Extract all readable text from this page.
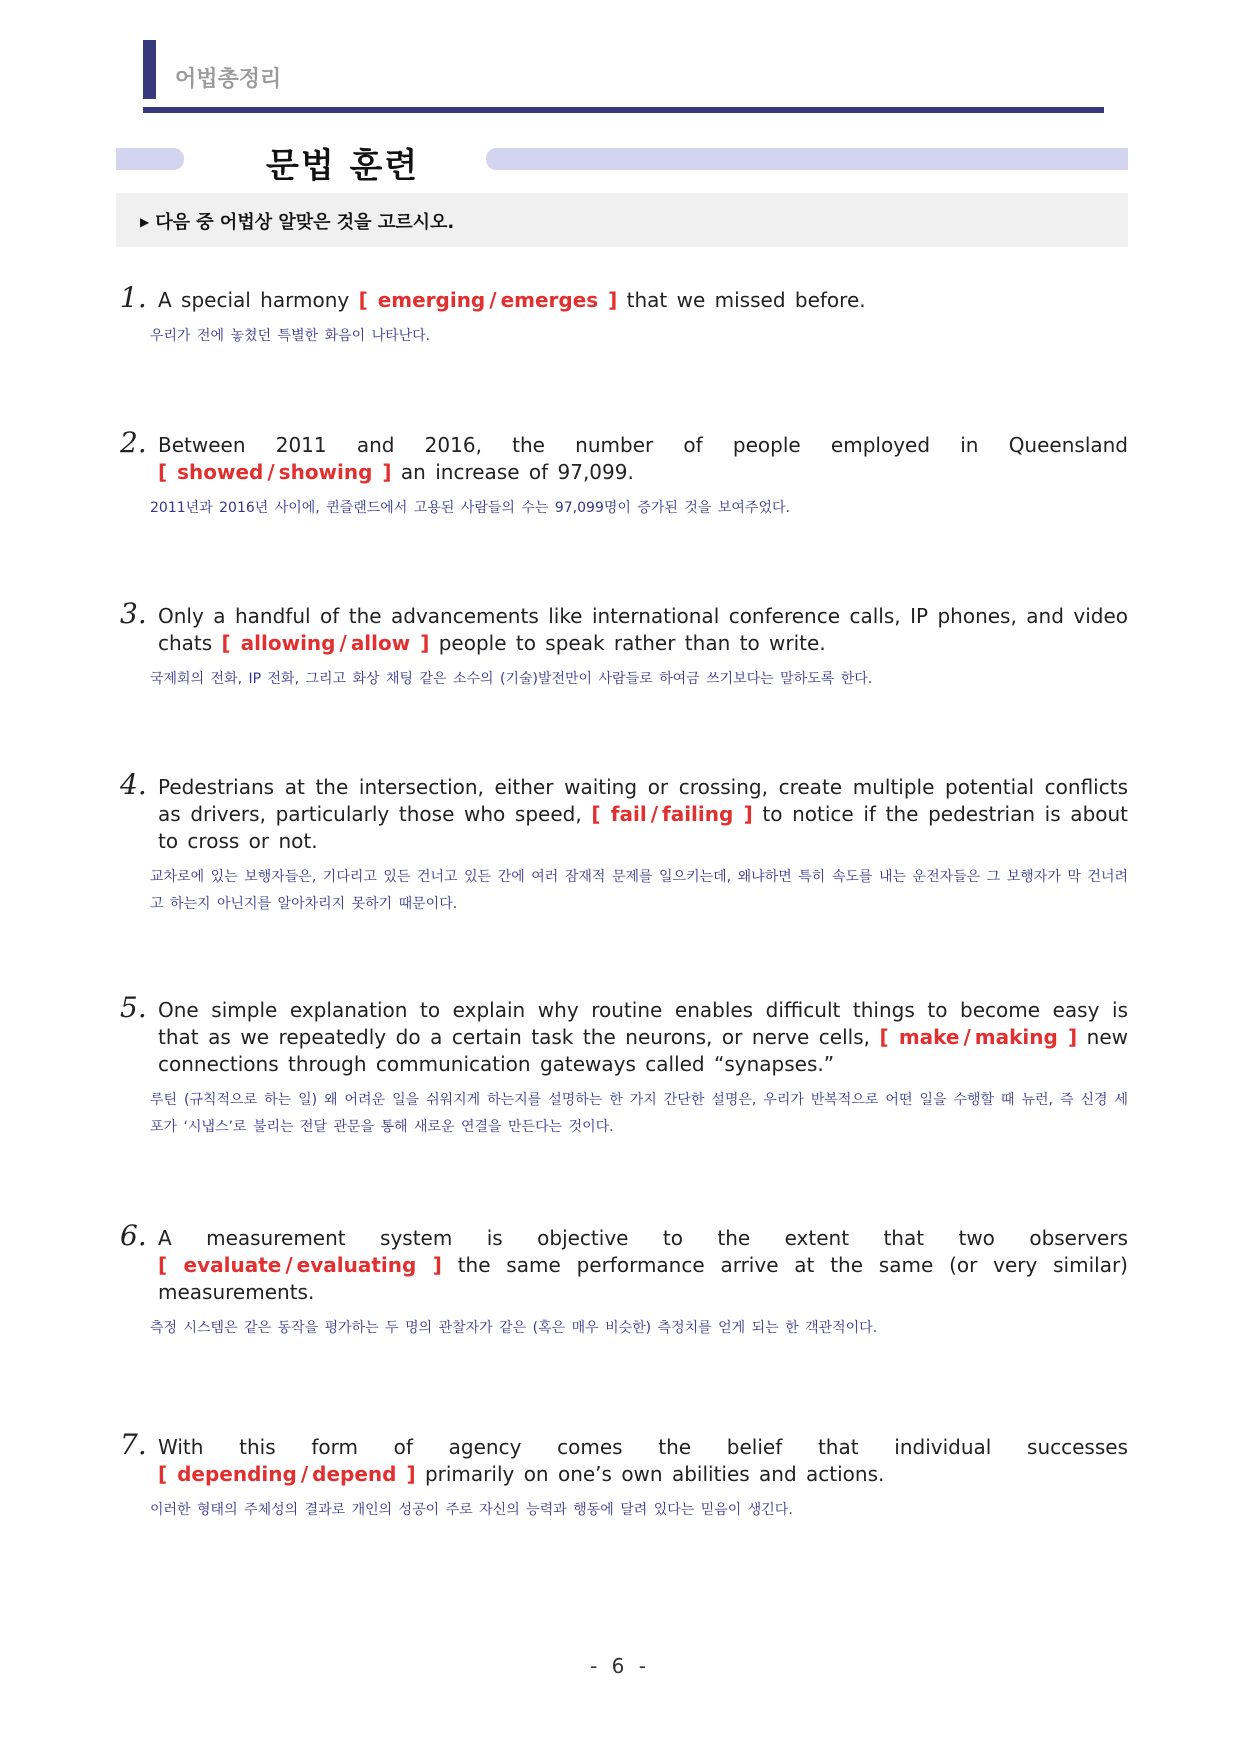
어법총정리
문법 훈련
▶ 다음 중 어법상 알맞은 것을 고르시오.
1. A special harmony [ emerging / emerges ] that we missed before.
우리가 전에 놓쳤던 특별한 화음이 나타난다.
2. Between 2011 and 2016, the number of people employed in Queensland [ showed / showing ] an increase of 97,099.
2011년과 2016년 사이에, 퀸즐랜드에서 고용된 사람들의 수는 97,099명이 증가된 것을 보여주었다.
3. Only a handful of the advancements like international conference calls, IP phones, and video chats [ allowing / allow ] people to speak rather than to write.
국제회의 전화, IP 전화, 그리고 화상 채팅 같은 소수의 (기술)발전만이 사람들로 하여금 쓰기보다는 말하도록 한다.
4. Pedestrians at the intersection, either waiting or crossing, create multiple potential conflicts as drivers, particularly those who speed, [ fail / failing ] to notice if the pedestrian is about to cross or not.
교차로에 있는 보행자들은, 기다리고 있든 건너고 있든 간에 여러 잠재적 문제를 일으키는데, 왜냐하면 특히 속도를 내는 운전자들은 그 보행자가 막 건너려고 하는지 아닌지를 알아차리지 못하기 때문이다.
5. One simple explanation to explain why routine enables difficult things to become easy is that as we repeatedly do a certain task the neurons, or nerve cells, [ make / making ] new connections through communication gateways called “synapses.”
루틴 (규칙적으로 하는 일) 왜 어려운 일을 쉬워지게 하는지를 설명하는 한 가지 간단한 설명은, 우리가 반복적으로 어떤 일을 수행할 때 뉴런, 즉 신경 세포가 ‘시냅스’로 불리는 전달 관문을 통해 새로운 연결을 만든다는 것이다.
6. A measurement system is objective to the extent that two observers [ evaluate / evaluating ] the same performance arrive at the same (or very similar) measurements.
측정 시스템은 같은 동작을 평가하는 두 명의 관찰자가 같은 (혹은 매우 비슷한) 측정치를 얻게 되는 한 객관적이다.
7. With this form of agency comes the belief that individual successes [ depending / depend ] primarily on one’s own abilities and actions.
이러한 형태의 주체성의 결과로 개인의 성공이 주로 자신의 능력과 행동에 달려 있다는 믿음이 생긴다.
- 6 -
